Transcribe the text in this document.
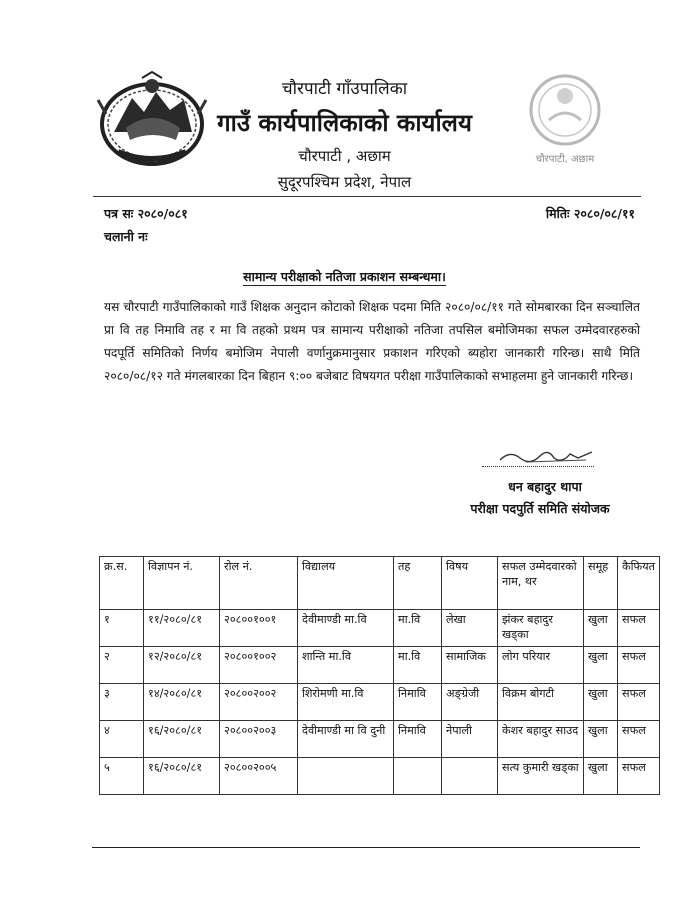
चौरपाटी गाँउपालिका
गाउँ कार्यपालिकाको कार्यालय
चौरपाटी , अछाम
सुदूरपश्चिम प्रदेश, नेपाल
चौरपाटी, अछाम
पत्र सः २०८०/०८१
चलानी नः
मितिः २०८०/०८/११
सामान्य परीक्षाको नतिजा प्रकाशन सम्बन्धमा।
यस चौरपाटी गाउँपालिकाको गाउँ शिक्षक अनुदान कोटाको शिक्षक पदमा मिति २०८०/०८/११ गते सोमबारका दिन सञ्चालित प्रा वि तह निमावि तह र मा वि तहको प्रथम पत्र सामान्य परीक्षाको नतिजा तपसिल बमोजिमका सफल उम्मेदवारहरुको पदपूर्ति समितिको निर्णय बमोजिम नेपाली वर्णानुक्रमानुसार प्रकाशन गरिएको ब्यहोरा जानकारी गरिन्छ। साथै मिति २०८०/०८/१२ गते मंगलबारका दिन बिहान ९:०० बजेबाट विषयगत परीक्षा गाउँपालिकाको सभाहलमा हुने जानकारी गरिन्छ।
धन बहादुर थापा
परीक्षा पदपुर्ति समिति संयोजक
क्र.स.	विज्ञापन नं.	रोल नं.	विद्यालय	तह	विषय	सफल उम्मेदवारको नाम, थर	समूह	कैफियत
१	११/२०८०/८१	२०८००१००१	देवीमाण्डी मा.वि	मा.वि	लेखा	झंकर बहादुर खड्का	खुला	सफल
२	१२/२०८०/८१	२०८००१००२	शान्ति मा.वि	मा.वि	सामाजिक	लोग परियार	खुला	सफल
३	१४/२०८०/८१	२०८००२००२	शिरोमणी मा.वि	निमावि	अङ्ग्रेजी	विक्रम बोगटी	खुला	सफल
४	१६/२०८०/८१	२०८००२००३	देवीमाण्डी मा वि दुनी	निमावि	नेपाली	केशर बहादुर साउद	खुला	सफल
५	१६/२०८०/८१	२०८००२००५				सत्य कुमारी खड्का	खुला	सफल
